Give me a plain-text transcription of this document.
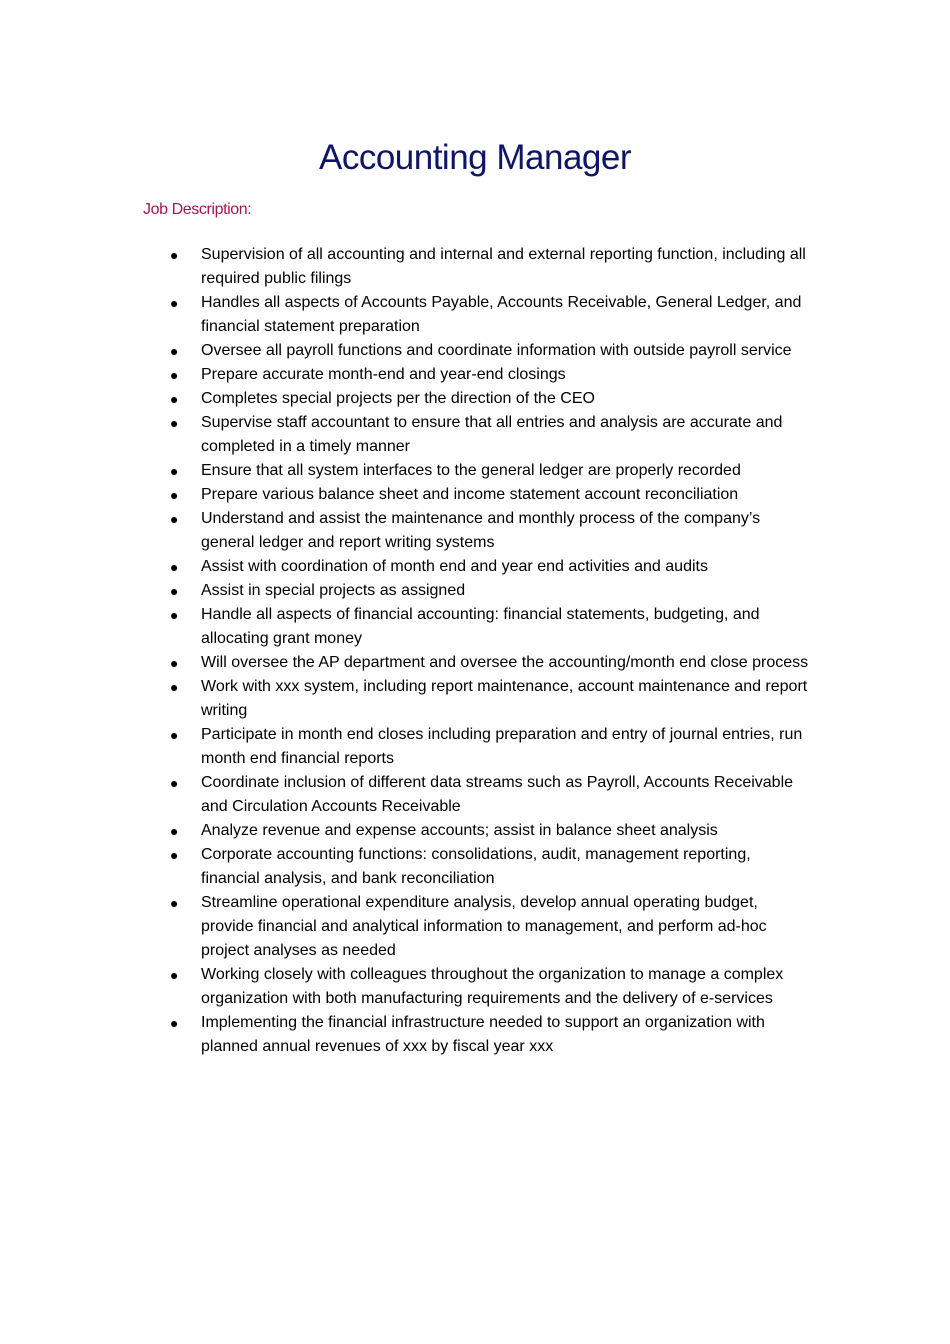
Accounting Manager
Job Description:
● Supervision of all accounting and internal and external reporting function, including all required public filings
● Handles all aspects of Accounts Payable, Accounts Receivable, General Ledger, and financial statement preparation
● Oversee all payroll functions and coordinate information with outside payroll service
● Prepare accurate month-end and year-end closings
● Completes special projects per the direction of the CEO
● Supervise staff accountant to ensure that all entries and analysis are accurate and completed in a timely manner
● Ensure that all system interfaces to the general ledger are properly recorded
● Prepare various balance sheet and income statement account reconciliation
● Understand and assist the maintenance and monthly process of the company’s general ledger and report writing systems
● Assist with coordination of month end and year end activities and audits
● Assist in special projects as assigned
● Handle all aspects of financial accounting: financial statements, budgeting, and allocating grant money
● Will oversee the AP department and oversee the accounting/month end close process
● Work with xxx system, including report maintenance, account maintenance and report writing
● Participate in month end closes including preparation and entry of journal entries, run month end financial reports
● Coordinate inclusion of different data streams such as Payroll, Accounts Receivable and Circulation Accounts Receivable
● Analyze revenue and expense accounts; assist in balance sheet analysis
● Corporate accounting functions: consolidations, audit, management reporting, financial analysis, and bank reconciliation
● Streamline operational expenditure analysis, develop annual operating budget, provide financial and analytical information to management, and perform ad-hoc project analyses as needed
● Working closely with colleagues throughout the organization to manage a complex organization with both manufacturing requirements and the delivery of e-services
● Implementing the financial infrastructure needed to support an organization with planned annual revenues of xxx by fiscal year xxx
